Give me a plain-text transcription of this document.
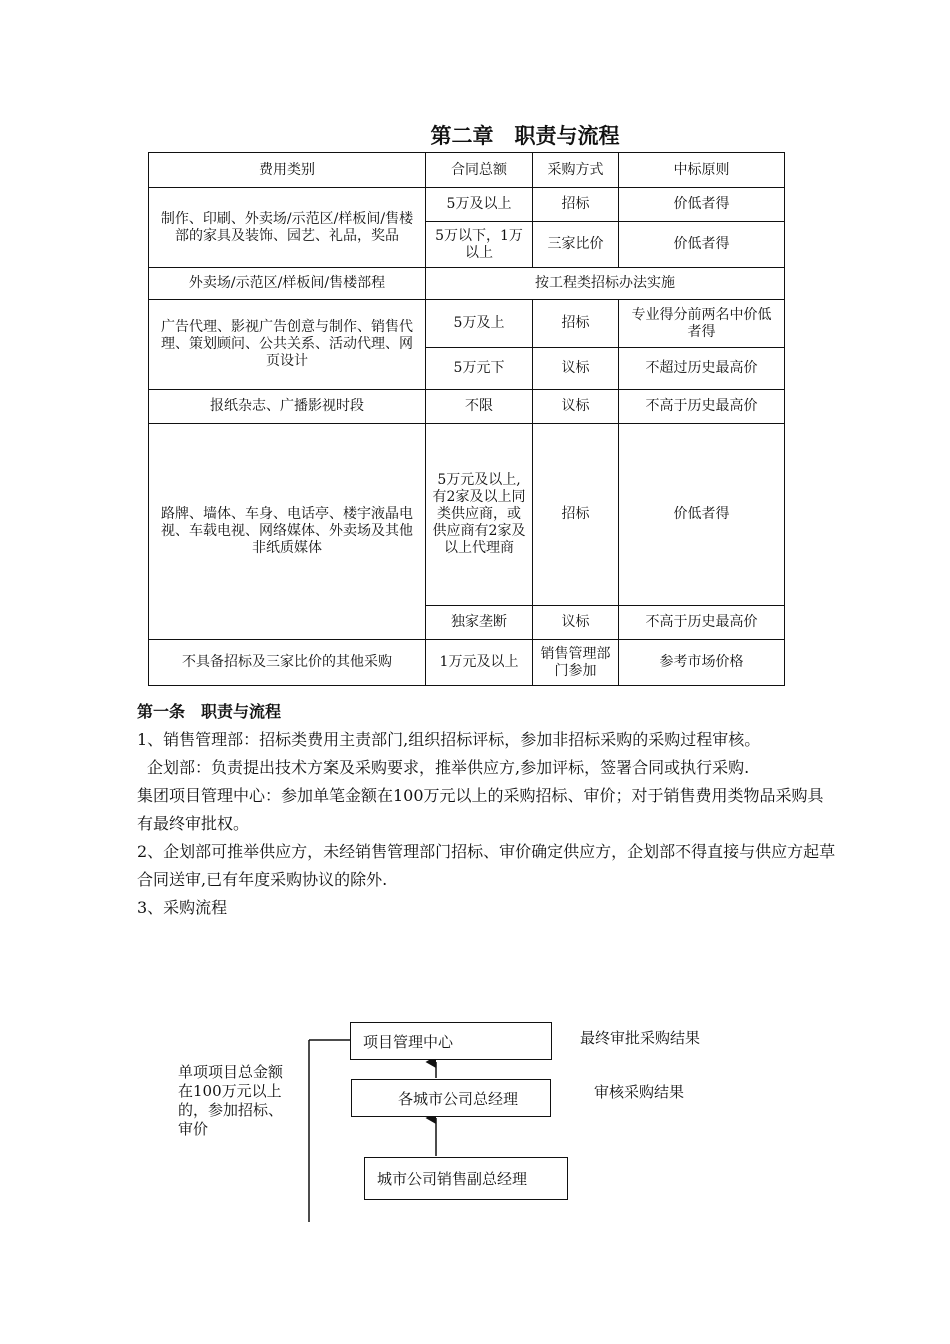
第二章　职责与流程
费用类别	合同总额	采购方式	中标原则
制作、印刷、外卖场/示范区/样板间/售楼部的家具及装饰、园艺、礼品，奖品	5万及以上	招标	价低者得
	5万以下，1万以上	三家比价	价低者得
外卖场/示范区/样板间/售楼部程	按工程类招标办法实施		
广告代理、影视广告创意与制作、销售代理、策划顾问、公共关系、活动代理、网页设计	5万及上	招标	专业得分前两名中价低者得
	5万元下	议标	不超过历史最高价
报纸杂志、广播影视时段	不限	议标	不高于历史最高价
路牌、墙体、车身、电话亭、楼宇液晶电视、车载电视、网络媒体、外卖场及其他非纸质媒体	5万元及以上,有2家及以上同类供应商，或供应商有2家及以上代理商	招标	价低者得
	独家垄断	议标	不高于历史最高价
不具备招标及三家比价的其他采购	1万元及以上	销售管理部门参加	参考市场价格

第一条　职责与流程

1、销售管理部：招标类费用主责部门,组织招标评标，参加非招标采购的采购过程审核。

企划部：负责提出技术方案及采购要求，推举供应方,参加评标，签署合同或执行采购.

集团项目管理中心：参加单笔金额在100万元以上的采购招标、审价；对于销售费用类物品采购具有最终审批权。

2、企划部可推举供应方，未经销售管理部门招标、审价确定供应方，企划部不得直接与供应方起草合同送审,已有年度采购协议的除外.

3、采购流程

项目管理中心
各城市公司总经理
城市公司销售副总经理
最终审批采购结果
审核采购结果
单项项目总金额在100万元以上的，参加招标、审价
